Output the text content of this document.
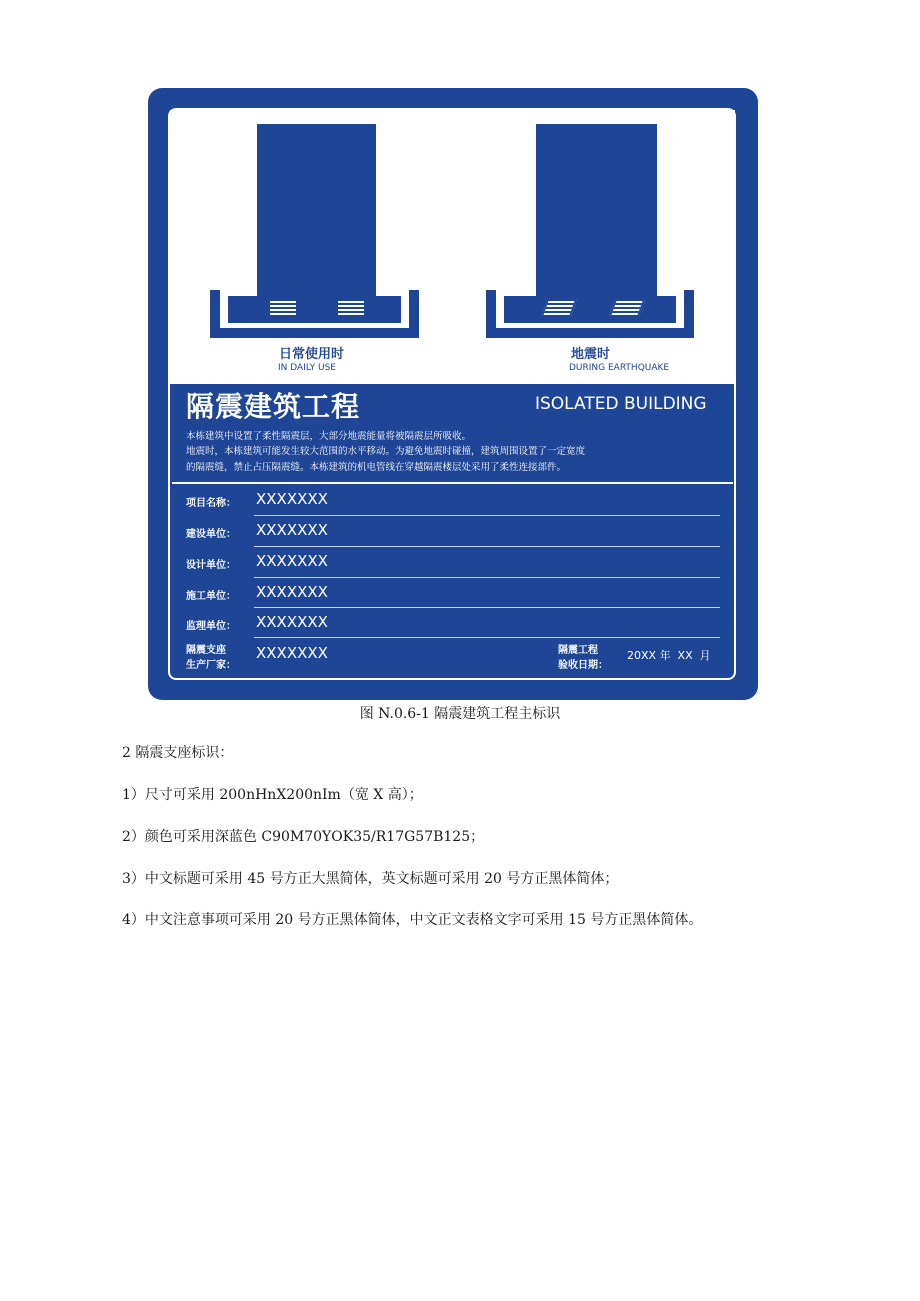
日常使用时
IN DAILY USE
地震时
DURING EARTHQUAKE
隔震建筑工程	ISOLATED BUILDING
本栋建筑中设置了柔性隔震层，大部分地震能量将被隔震层所吸收。
地震时，本栋建筑可能发生较大范围的水平移动。为避免地震时碰撞，建筑周围设置了一定宽度
的隔震缝，禁止占压隔震缝。本栋建筑的机电管线在穿越隔震楼层处采用了柔性连接部件。
项目名称： XXXXXXX
建设单位： XXXXXXX
设计单位： XXXXXXX
施工单位： XXXXXXX
监理单位： XXXXXXX
隔震支座
生产厂家：
XXXXXXX	隔震工程
验收日期：
20XX 年  XX  月
图 N.0.6-1 隔震建筑工程主标识
2 隔震支座标识：
1）尺寸可采用 200nHnX200nIm（宽 X 高）；
2）颜色可采用深蓝色 C90M70YOK35/R17G57B125；
3）中文标题可采用 45 号方正大黑简体，英文标题可采用 20 号方正黑体简体；
4）中文注意事项可采用 20 号方正黑体简体，中文正文表格文字可采用 15 号方正黑体简体。
